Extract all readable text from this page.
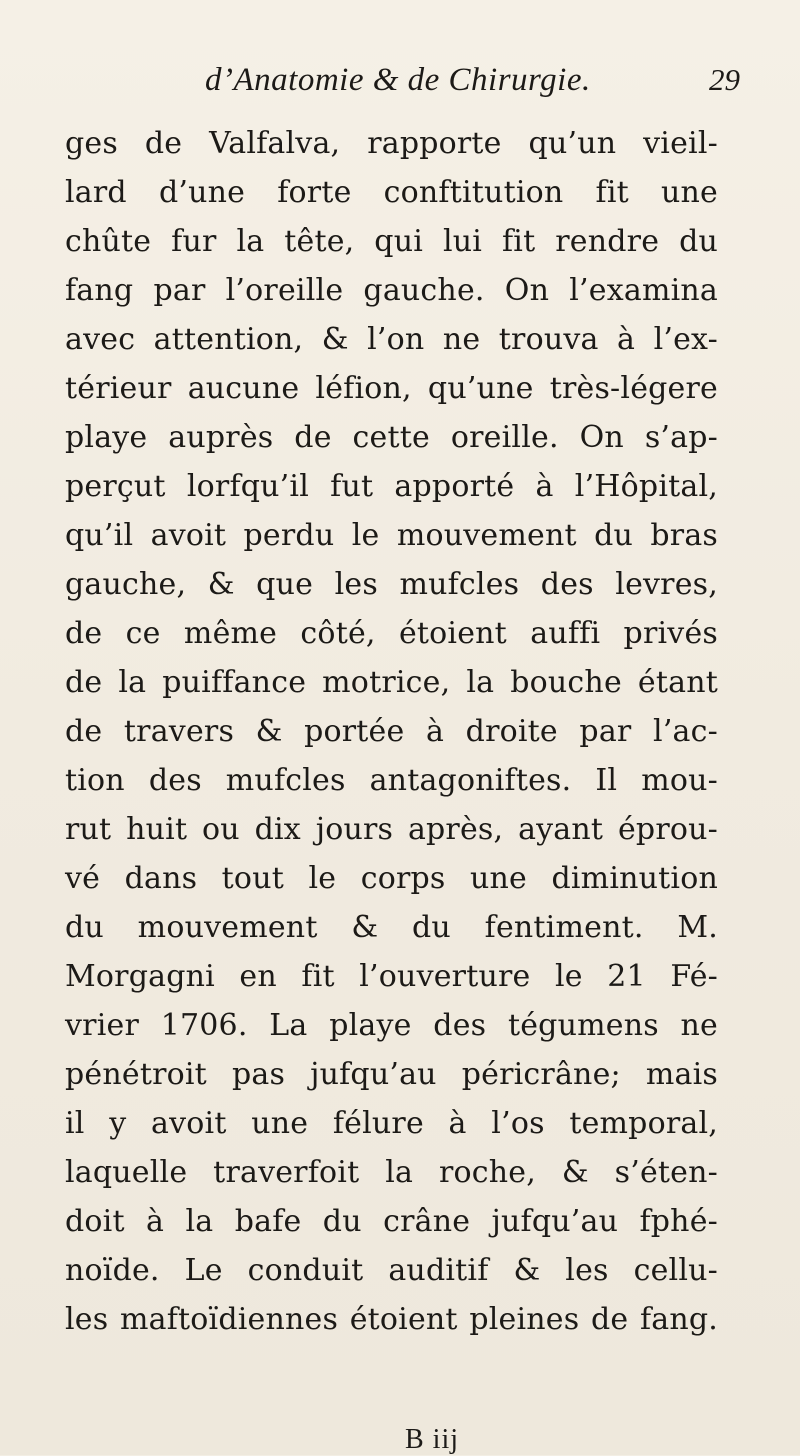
d’Anatomie & de Chirurgie.	29
ges de Valfalva, rapporte qu’un vieil-
lard d’une forte conftitution fit une
chûte fur la tête, qui lui fit rendre du
fang par l’oreille gauche. On l’examina
avec attention, & l’on ne trouva à l’ex-
térieur aucune léfion, qu’une très-légere
playe auprès de cette oreille. On s’ap-
perçut lorfqu’il fut apporté à l’Hôpital,
qu’il avoit perdu le mouvement du bras
gauche, & que les mufcles des levres,
de ce même côté, étoient auffi privés
de la puiffance motrice, la bouche étant
de travers & portée à droite par l’ac-
tion des mufcles antagoniftes. Il mou-
rut huit ou dix jours après, ayant éprou-
vé dans tout le corps une diminution
du mouvement & du fentiment. M.
Morgagni en fit l’ouverture le 21 Fé-
vrier 1706. La playe des tégumens ne
pénétroit pas jufqu’au péricrâne; mais
il y avoit une félure à l’os temporal,
laquelle traverfoit la roche, & s’éten-
doit à la bafe du crâne jufqu’au fphé-
noïde. Le conduit auditif & les cellu-
les maftoïdiennes étoient pleines de fang.
B iij
